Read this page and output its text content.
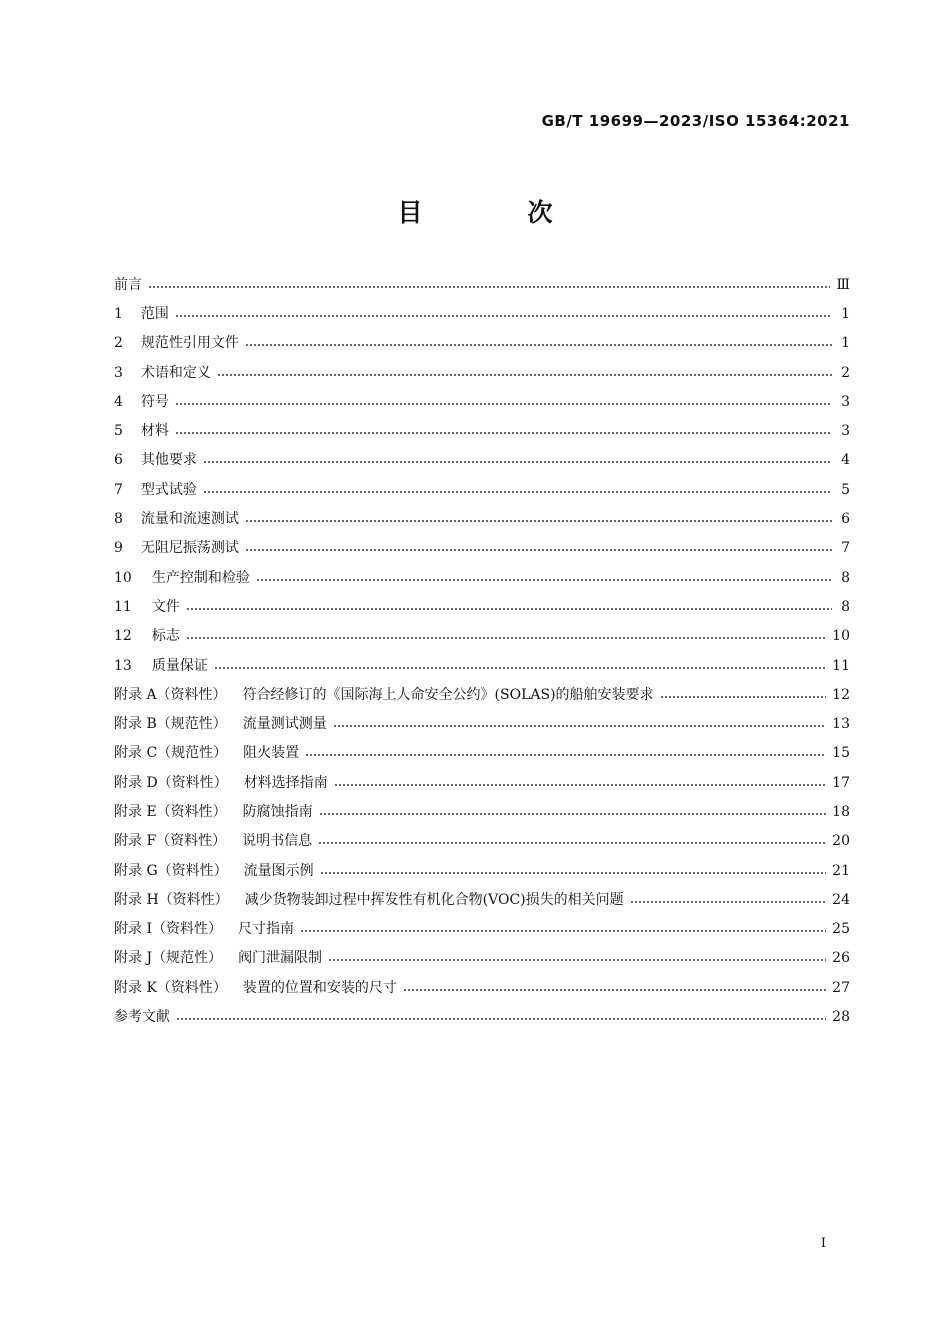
GB/T 19699—2023/ISO 15364:2021
目　次
前言	Ⅲ
1 范围	1
2 规范性引用文件	1
3 术语和定义	2
4 符号	3
5 材料	3
6 其他要求	4
7 型式试验	5
8 流量和流速测试	6
9 无阻尼振荡测试	7
10 生产控制和检验	8
11 文件	8
12 标志	10
13 质量保证	11
附录 A（资料性） 符合经修订的《国际海上人命安全公约》(SOLAS)的船舶安装要求	12
附录 B（规范性） 流量测试测量	13
附录 C（规范性） 阻火装置	15
附录 D（资料性） 材料选择指南	17
附录 E（资料性） 防腐蚀指南	18
附录 F（资料性） 说明书信息	20
附录 G（资料性） 流量图示例	21
附录 H（资料性） 减少货物装卸过程中挥发性有机化合物(VOC)损失的相关问题	24
附录 I（资料性） 尺寸指南	25
附录 J（规范性） 阀门泄漏限制	26
附录 K（资料性） 装置的位置和安装的尺寸	27
参考文献	28
Ⅰ
